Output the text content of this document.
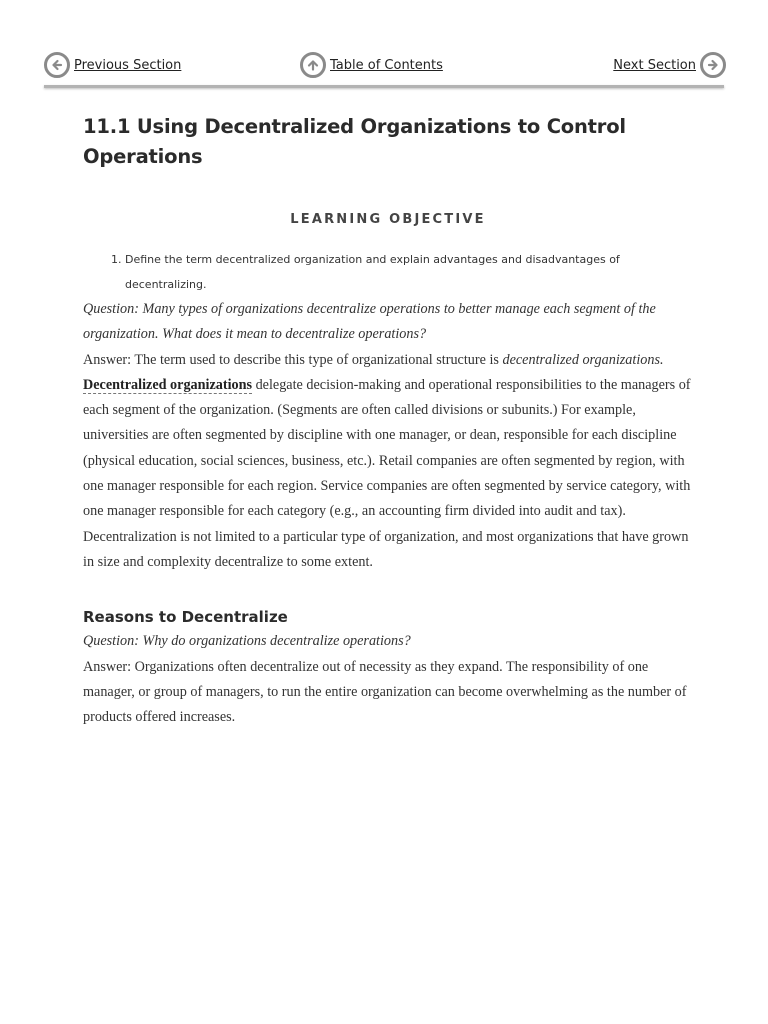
Previous Section	Table of Contents	Next Section
11.1 Using Decentralized Organizations to Control Operations
LEARNING OBJECTIVE
1. Define the term decentralized organization and explain advantages and disadvantages of decentralizing.

Question: Many types of organizations decentralize operations to better manage each segment of the organization. What does it mean to decentralize operations?

Answer: The term used to describe this type of organizational structure is decentralized organizations. Decentralized organizations delegate decision-making and operational responsibilities to the managers of each segment of the organization. (Segments are often called divisions or subunits.) For example, universities are often segmented by discipline with one manager, or dean, responsible for each discipline (physical education, social sciences, business, etc.). Retail companies are often segmented by region, with one manager responsible for each region. Service companies are often segmented by service category, with one manager responsible for each category (e.g., an accounting firm divided into audit and tax). Decentralization is not limited to a particular type of organization, and most organizations that have grown in size and complexity decentralize to some extent.

Reasons to Decentralize

Question: Why do organizations decentralize operations?

Answer: Organizations often decentralize out of necessity as they expand. The responsibility of one manager, or group of managers, to run the entire organization can become overwhelming as the number of products offered increases.
